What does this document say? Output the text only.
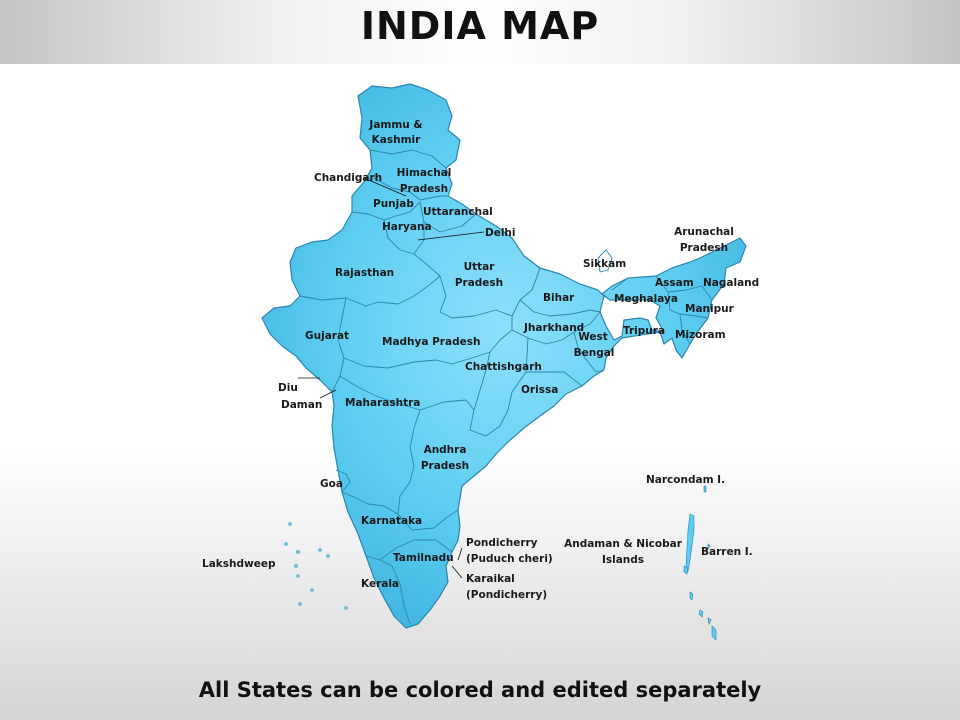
INDIA MAP
Jammu &
Kashmir
Himachal
Pradesh
Chandigarh
Punjab
Uttaranchal
Haryana	Delhi
Rajasthan	Uttar
Pradesh
Bihar
Sikkam
Arunachal
Pradesh
Assam Nagaland
Meghalaya
Manipur
Tripura Mizoram
Gujarat	Madhya Pradesh
Jharkhand
West
Bengal
Chattishgarh
Orissa
Diu
Daman Maharashtra
Andhra
Pradesh
Goa
Karnataka
Tamilnadu
Kerala
Lakshdweep
Pondicherry
(Puduch cheri)
Karaikal
(Pondicherry)
Andaman & Nicobar
Islands
Narcondam I.
Barren I.
All States can be colored and edited separately
